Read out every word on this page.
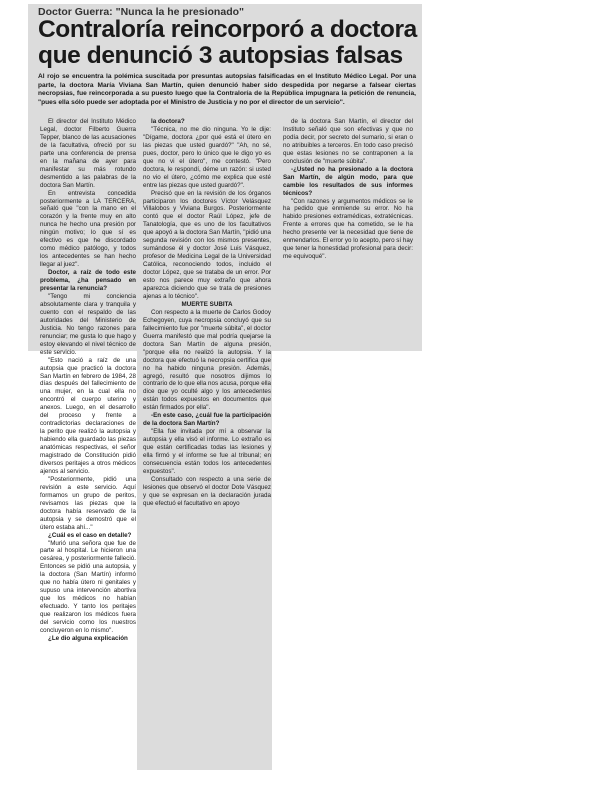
Doctor Guerra: "Nunca la he presionado"
Contraloría reincorporó a doctora que denunció 3 autopsias falsas
Al rojo se encuentra la polémica suscitada por presuntas autopsias falsificadas en el Instituto Médico Legal. Por una parte, la doctora María Viviana San Martín, quien denunció haber sido despedida por negarse a falsear ciertas necropsias, fue reincorporada a su puesto luego que la Contraloría de la República impugnara la petición de renuncia, "pues ella sólo puede ser adoptada por el Ministro de Justicia y no por el director de un servicio".

El director del Instituto Médico Legal, doctor Filberto Guerra Tepper, blanco de las acusaciones de la facultativa, ofreció por su parte una conferencia de prensa en la mañana de ayer para manifestar su más rotundo desmentido a las palabras de la doctora San Martín.

En entrevista concedida posteriormente a LA TERCERA, señaló que "con la mano en el corazón y la frente muy en alto nunca he hecho una presión por ningún motivo; lo que sí es efectivo es que he discordado como médico patólogo, y todos los antecedentes se han hecho llegar al juez".

Doctor, a raíz de todo este problema, ¿ha pensado en presentar la renuncia?

"Tengo mi conciencia absolutamente clara y tranquila y cuento con el respaldo de las autoridades del Ministerio de Justicia. No tengo razones para renunciar; me gusta lo que hago y estoy elevando el nivel técnico de este servicio.

"Esto nació a raíz de una autopsia que practicó la doctora San Martín en febrero de 1984, 28 días después del fallecimiento de una mujer, en la cual ella no encontró el cuerpo uterino y anexos. Luego, en el desarrollo del proceso y frente a contradictorias declaraciones de la perito que realizó la autopsia y habiendo ella guardado las piezas anatómicas respectivas, el señor magistrado de Constitución pidió diversos peritajes a otros médicos ajenos al servicio.

"Posteriormente, pidió una revisión a este servicio. Aquí formamos un grupo de peritos, revisamos las piezas que la doctora había reservado de la autopsia y se demostró que el útero estaba ahí..."

¿Cuál es el caso en detalle?

"Murió una señora que fue de parte al hospital. Le hicieron una cesárea, y posteriormente falleció. Entonces se pidió una autopsia, y la doctora (San Martín) informó que no había útero ni genitales y supuso una intervención abortiva que los médicos no habían efectuado. Y tanto los peritajes que realizaron los médicos fuera del servicio como los nuestros concluyeron en lo mismo".

¿Le dio alguna explicación

la doctora?

"Técnica, no me dio ninguna. Yo le dije: "Dígame, doctora ¿por qué está el útero en las piezas que usted guardó?" "Ah, no sé, pues, doctor, pero lo único que le digo yo es que no vi el útero", me contestó. "Pero doctora, le respondí, déme un razón: si usted no vio el útero, ¿cómo me explica que esté entre las piezas que usted guardó?".

Precisó que en la revisión de los órganos participaron los doctores Víctor Velásquez Villalobos y Viviana Burgos. Posteriormente contó que el doctor Raúl López, jefe de Tanatología, que es uno de los facultativos que apoyó a la doctora San Martín, "pidió una segunda revisión con los mismos presentes, sumándose él y doctor José Luis Vásquez, profesor de Medicina Legal de la Universidad Católica, reconociendo todos, incluido el doctor López, que se trataba de un error. Por esto nos parece muy extraño que ahora aparezca diciendo que se trata de presiones ajenas a lo técnico".

MUERTE SUBITA

Con respecto a la muerte de Carlos Godoy Echegoyen, cuya necropsia concluyó que su fallecimiento fue por "muerte súbita", el doctor Guerra manifestó que mal podría quejarse la doctora San Martín de alguna presión, "porque ella no realizó la autopsia. Y la doctora que efectuó la necropsia certifica que no ha habido ninguna presión. Además, agregó, resultó que nosotros dijimos lo contrario de lo que ella nos acusa, porque ella dice que yo oculté algo y los antecedentes están todos expuestos en documentos que están firmados por ella".

-En este caso, ¿cuál fue la participación de la doctora San Martín?

"Ella fue invitada por mí a observar la autopsia y ella visó el informe. Lo extraño es que están certificadas todas las lesiones y ella firmó y el informe se fue al tribunal; en consecuencia están todos los antecedentes expuestos".

Consultado con respecto a una serie de lesiones que observó el doctor Dote Vásquez y que se expresan en la declaración jurada que efectuó el facultativo en apoyo

de la doctora San Martín, el director del Instituto señaló que son efectivas y que no podía decir, por secreto del sumario, si eran o no atribuibles a terceros. En todo caso precisó que estas lesiones no se contraponen a la conclusión de "muerte súbita".

-¿Usted no ha presionado a la doctora San Martín, de algún modo, para que cambie los resultados de sus informes técnicos?

"Con razones y argumentos médicos se le ha pedido que enmiende su error. No ha habido presiones extramédicas, extratécnicas. Frente a errores que ha cometido, se le ha hecho presente ver la necesidad que tiene de enmendarlos. El error yo lo acepto, pero sí hay que tener la honestidad profesional para decir: me equivoqué".
